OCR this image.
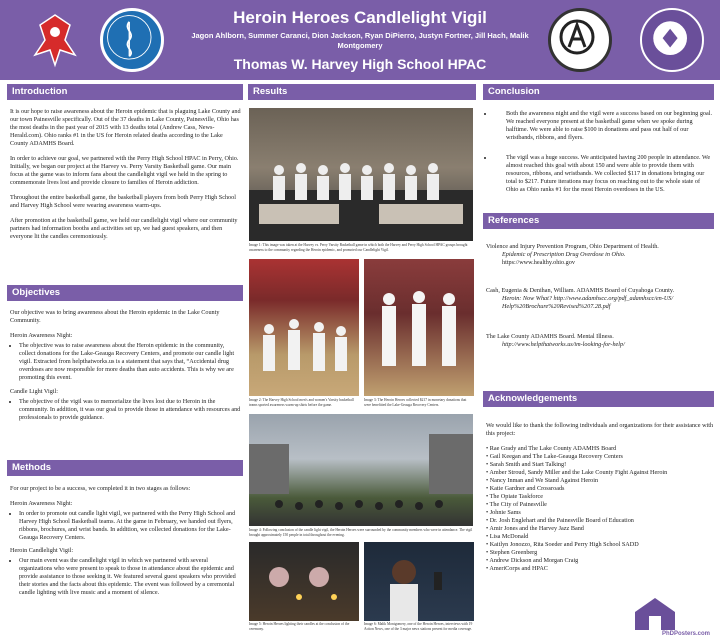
Heroin Heroes Candlelight Vigil
Jagon Ahlborn, Summer Caranci, Dion Jackson, Ryan DiPierro, Justyn Fortner, Jill Hach, Malik Montgomery
Thomas W. Harvey High School HPAC
Introduction

It is our hope to raise awareness about the Heroin epidemic that is plaguing Lake County and our town Painesville specifically. Out of the 37 deaths in Lake County, Painesville, Ohio has the most deaths in the past year of 2015 with 13 deaths total (Andrew Cass, News-Herald.com). Ohio ranks #1 in the US for Heroin related deaths according to the Lake County ADAMHS Board.

In order to achieve our goal, we partnered with the Perry High School HPAC in Perry, Ohio. Initially, we began our project at the Harvey vs. Perry Varsity Basketball game. Our main focus at the game was to inform fans about the candlelight vigil we held in the spring to commemorate lives lost and provide closure to families of Heroin addiction.

Throughout the entire basketball game, the basketball players from both Perry High School and Harvey High School were wearing awareness warm-ups.

After promotion at the basketball game, we held our candlelight vigil where our community partners had information booths and activities set up, we had guest speakers, and then everyone lit the candles ceremoniously.

Objectives

Our objective was to bring awareness about the Heroin epidemic in the Lake County Community.

Heroin Awareness Night:

• The objective was to raise awareness about the Heroin epidemic in the community, collect donations for the Lake-Geauga Recovery Centers, and promote our candle light vigil. Extracted from helpthatworks.us is a statement that says that, “Accidental drug overdoses are now responsible for more deaths than auto accidents. This is why we are promoting this event.

Candle Light Vigil:

• The objective of the vigil was to memorialize the lives lost due to Heroin in the community. In addition, it was our goal to provide those in attendance with resources and professionals to provide guidance.
Methods

For our project to be a success, we completed it in two stages as follows:

Heroin Awareness Night:

• In order to promote out candle light vigil, we partnered with the Perry High School and Harvey High School Basketball teams. At the game in February, we handed out flyers, ribbons, brochures, and wrist bands. In addition, we collected donations for the Lake-Geauga Recovery Centers.

Heroin Candlelight Vigil:

• Our main event was the candlelight vigil in which we partnered with several organizations who were present to speak to those in attendance about the epidemic and provide assistance to those seeking it. We featured several guest speakers who provided their stories and the facts about this epidemic. The event was followed by a ceremonial candle lighting with live music and a moment of silence.
Results
Image 1: This image was taken at the Harvey vs. Perry Varsity Basketball game in which both the Harvey and Perry High School HPAC groups brought awareness to the community regarding the Heroin epidemic, and promoted our Candlelight Vigil.
Image 2: The Harvey High School men's and women's Varsity basketball teams sported awareness warm-up shirts before the game.
Image 3: The Heroin Heroes collected $217 in monetary donations that were benefitted the Lake-Geauga Recovery Centers.
Image 4: Following conclusion of the candle light vigil, the Heroin Heroes were surrounded by the community members who were in attendance. The vigil brought approximately 150 people in total throughout the evening.
Image 5: Heroin Heroes lighting their candles at the conclusion of the ceremony.
Image 6: Malik Montgomery, one of the Heroin Heroes, interviews with 19 Action News, one of the 3 major news stations present for media coverage.
Conclusion
• Both the awareness night and the vigil were a success based on our beginning goal. We reached everyone present at the basketball game when we spoke during halftime. We were able to raise $100 in donations and pass out half of our wristbands, ribbons, and flyers.
• The vigil was a huge success. We anticipated having 200 people in attendance. We almost reached this goal with about 150 and were able to provide them with resources, ribbons, and wristbands. We collected $117 in donations bringing our total to $217. Future iterations may focus on reaching out to the whole state of Ohio as Ohio ranks #1 for the most Heroin overdoses in the US.
References
Violence and Injury Prevention Program, Ohio Department of Health.
Epidemic of Prescription Drug Overdose in Ohio.
https://www.healthy.ohio.gov
Cash, Eugenia & Denihan, William. ADAMHS Board of Cuyahoga County.
Heroin: Now What? http://www.adamhscc.org/pdf_adamhscc/en-US/
Help%20Brochure%20Revised%207.28.pdf
The Lake County ADAMHS Board. Mental Illness.
http://www.helpthatworks.us/im-looking-for-help/
Acknowledgements

We would like to thank the following individuals and organizations for their assistance with this project:

• Rae Grady and The Lake County ADAMHS Board
• Gail Keegan and The Lake-Geauga Recovery Centers
• Sarah Smith and Start Talking!
• Amber Stroud, Sandy Miller and the Lake County Fight Against Heroin
• Nancy Inman and We Stand Against Heroin
• Katie Gardner and Crossroads
• The Opiate Taskforce
• The City of Painesville
• Johnie Sams
• Dr. Josh Englehart and the Painesville Board of Education
• Amir Jones and the Harvey Jazz Band
• Lisa McDonald
• Kaitlyn Jonozzo, Rita Soeder and Perry High School SADD
• Stephen Greenberg
• Andrew Dickson and Morgan Craig
• AmeriCorps and HPAC
PhDPosters.com
